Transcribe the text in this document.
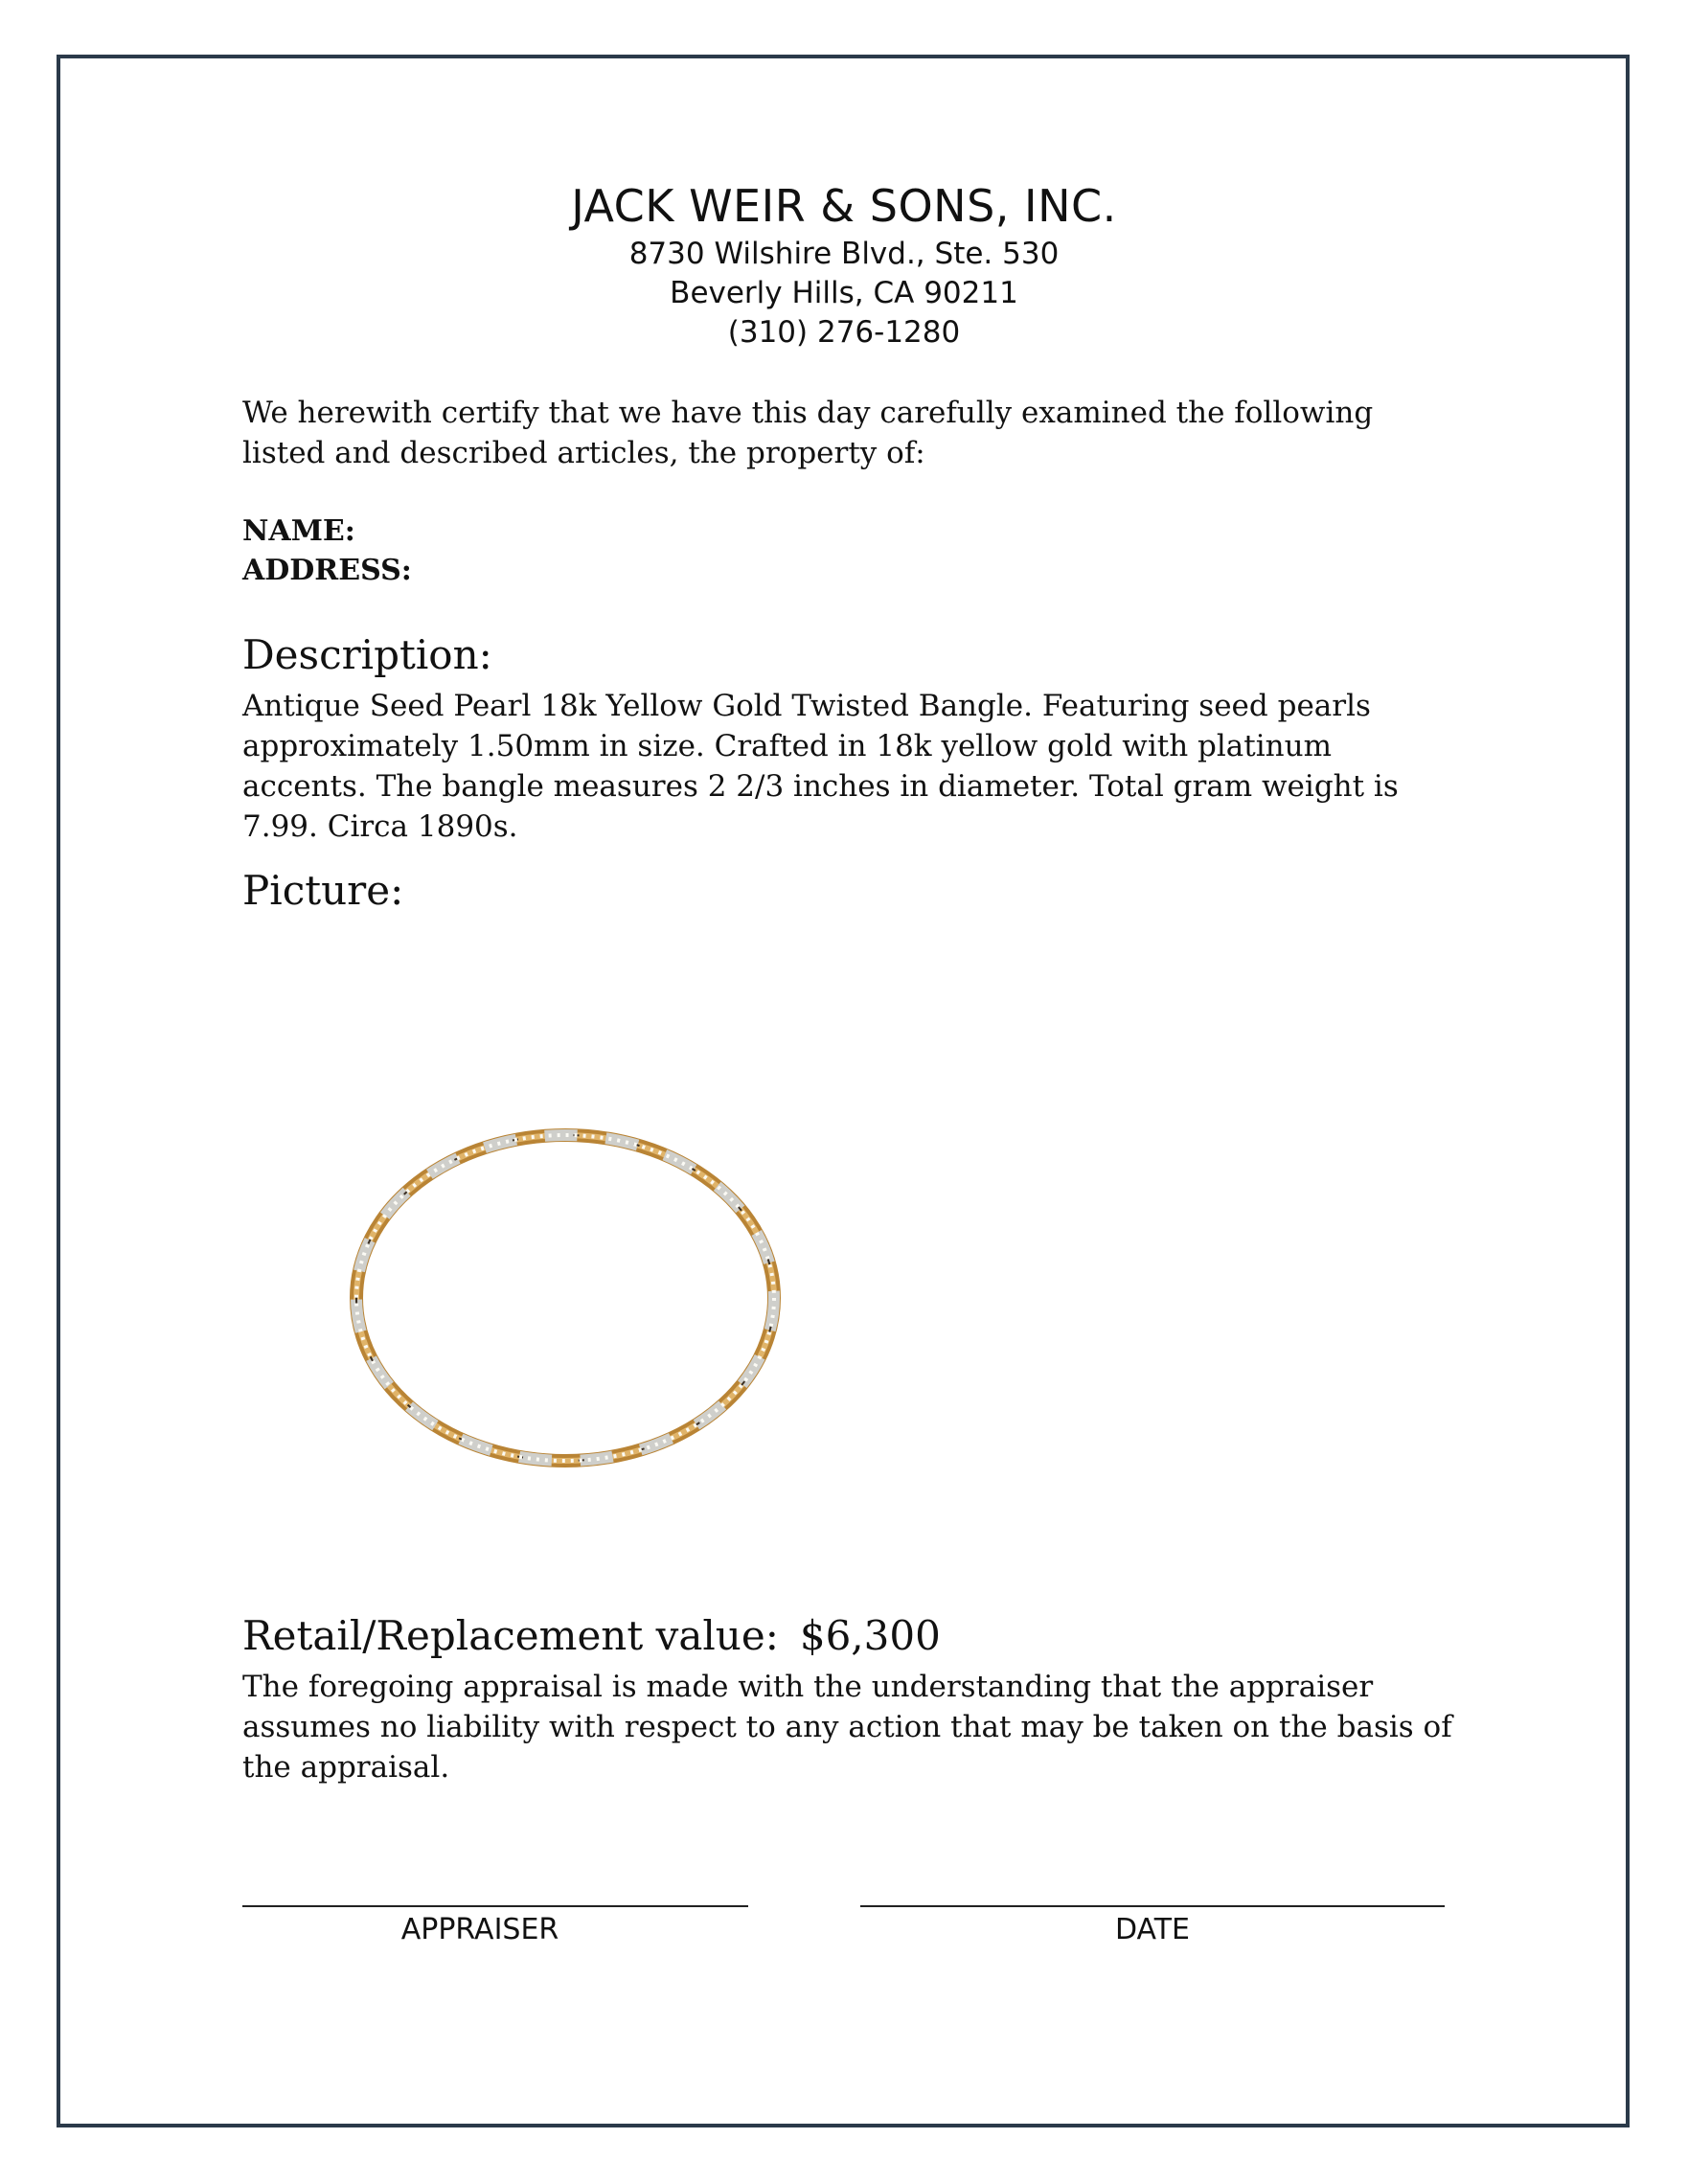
JACK WEIR & SONS, INC.

8730 Wilshire Blvd., Ste. 530

Beverly Hills, CA 90211

(310) 276-1280

We herewith certify that we have this day carefully examined the following listed and described articles, the property of:

NAME:

ADDRESS:

Description:

Antique Seed Pearl 18k Yellow Gold Twisted Bangle. Featuring seed pearls approximately 1.50mm in size. Crafted in 18k yellow gold with platinum accents. The bangle measures 2 2/3 inches in diameter. Total gram weight is 7.99. Circa 1890s.

Picture:

Retail/Replacement value: $6,300

The foregoing appraisal is made with the understanding that the appraiser assumes no liability with respect to any action that may be taken on the basis of the appraisal.

APPRAISER	DATE
